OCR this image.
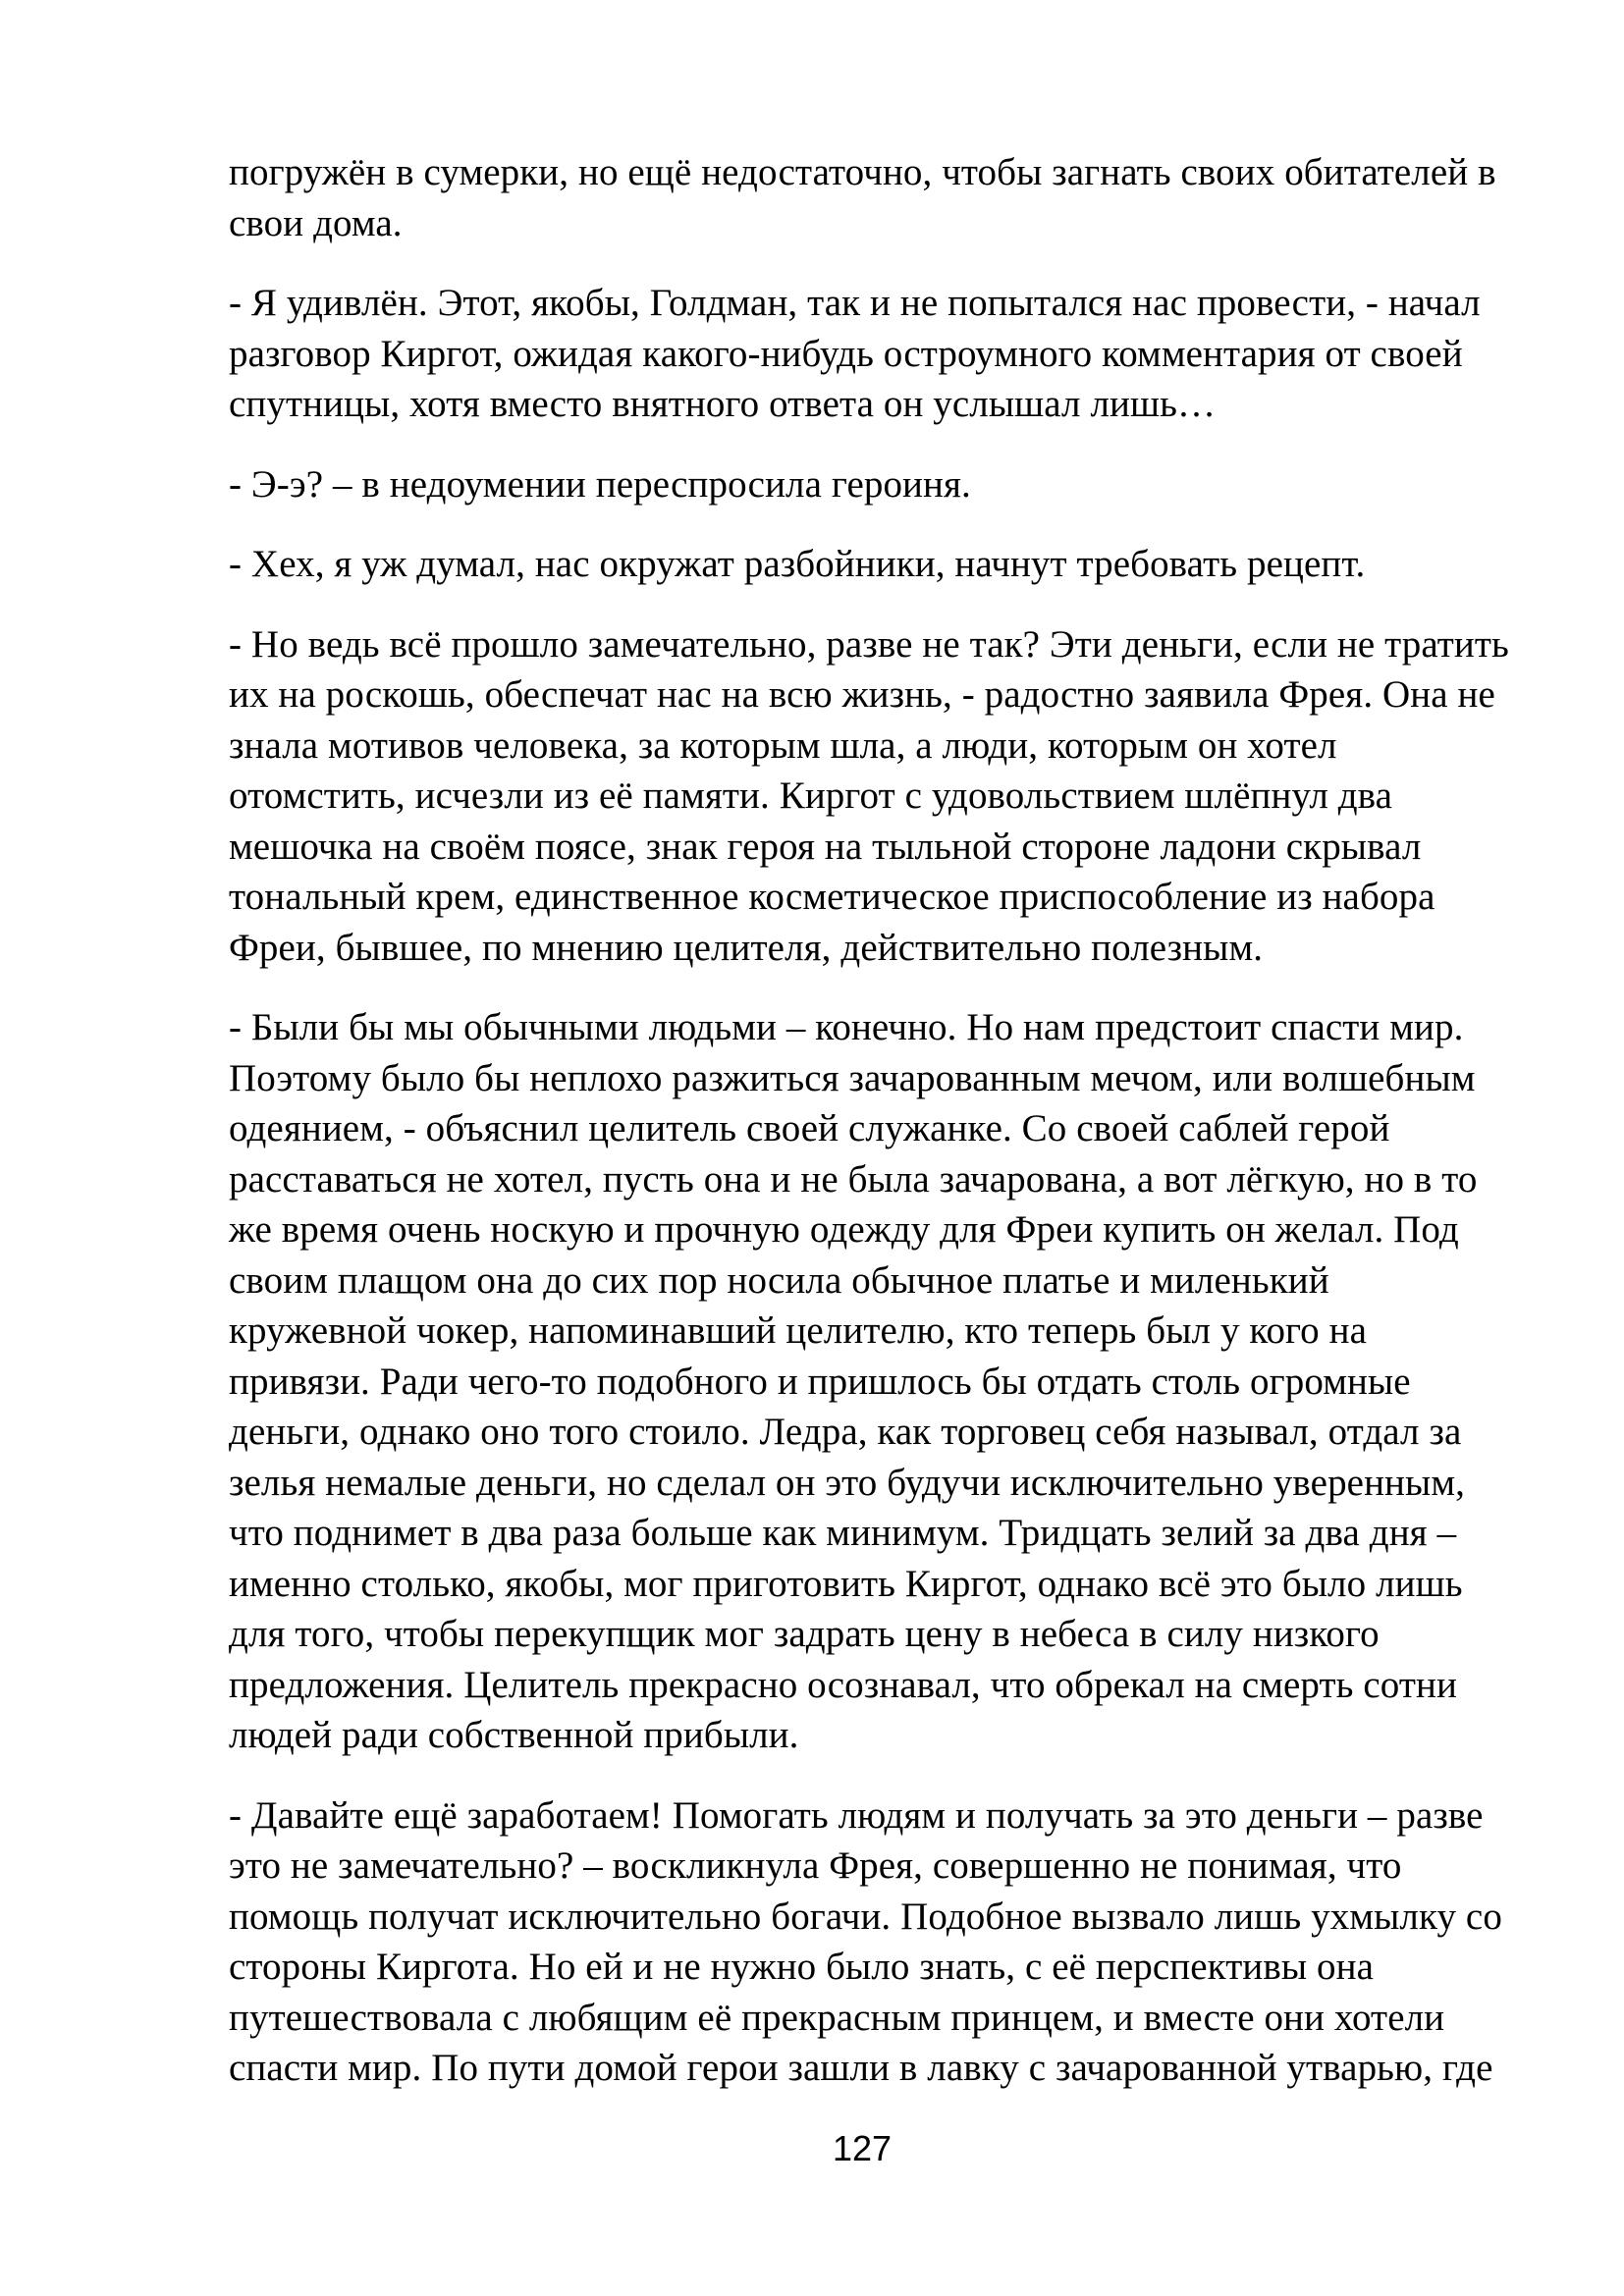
погружён в сумерки, но ещё недостаточно, чтобы загнать своих обитателей в
свои дома.
- Я удивлён. Этот, якобы, Голдман, так и не попытался нас провести, - начал
разговор Киргот, ожидая какого-нибудь остроумного комментария от своей
спутницы, хотя вместо внятного ответа он услышал лишь…
- Э-э? – в недоумении переспросила героиня.
- Хех, я уж думал, нас окружат разбойники, начнут требовать рецепт.
- Но ведь всё прошло замечательно, разве не так? Эти деньги, если не тратить
их на роскошь, обеспечат нас на всю жизнь, - радостно заявила Фрея. Она не
знала мотивов человека, за которым шла, а люди, которым он хотел
отомстить, исчезли из её памяти. Киргот с удовольствием шлёпнул два
мешочка на своём поясе, знак героя на тыльной стороне ладони скрывал
тональный крем, единственное косметическое приспособление из набора
Фреи, бывшее, по мнению целителя, действительно полезным.
- Были бы мы обычными людьми – конечно. Но нам предстоит спасти мир.
Поэтому было бы неплохо разжиться зачарованным мечом, или волшебным
одеянием, - объяснил целитель своей служанке. Со своей саблей герой
расставаться не хотел, пусть она и не была зачарована, а вот лёгкую, но в то
же время очень носкую и прочную одежду для Фреи купить он желал. Под
своим плащом она до сих пор носила обычное платье и миленький
кружевной чокер, напоминавший целителю, кто теперь был у кого на
привязи. Ради чего-то подобного и пришлось бы отдать столь огромные
деньги, однако оно того стоило. Ледра, как торговец себя называл, отдал за
зелья немалые деньги, но сделал он это будучи исключительно уверенным,
что поднимет в два раза больше как минимум. Тридцать зелий за два дня –
именно столько, якобы, мог приготовить Киргот, однако всё это было лишь
для того, чтобы перекупщик мог задрать цену в небеса в силу низкого
предложения. Целитель прекрасно осознавал, что обрекал на смерть сотни
людей ради собственной прибыли.
- Давайте ещё заработаем! Помогать людям и получать за это деньги – разве
это не замечательно? – воскликнула Фрея, совершенно не понимая, что
помощь получат исключительно богачи. Подобное вызвало лишь ухмылку со
стороны Киргота. Но ей и не нужно было знать, с её перспективы она
путешествовала с любящим её прекрасным принцем, и вместе они хотели
спасти мир. По пути домой герои зашли в лавку с зачарованной утварью, где
127
